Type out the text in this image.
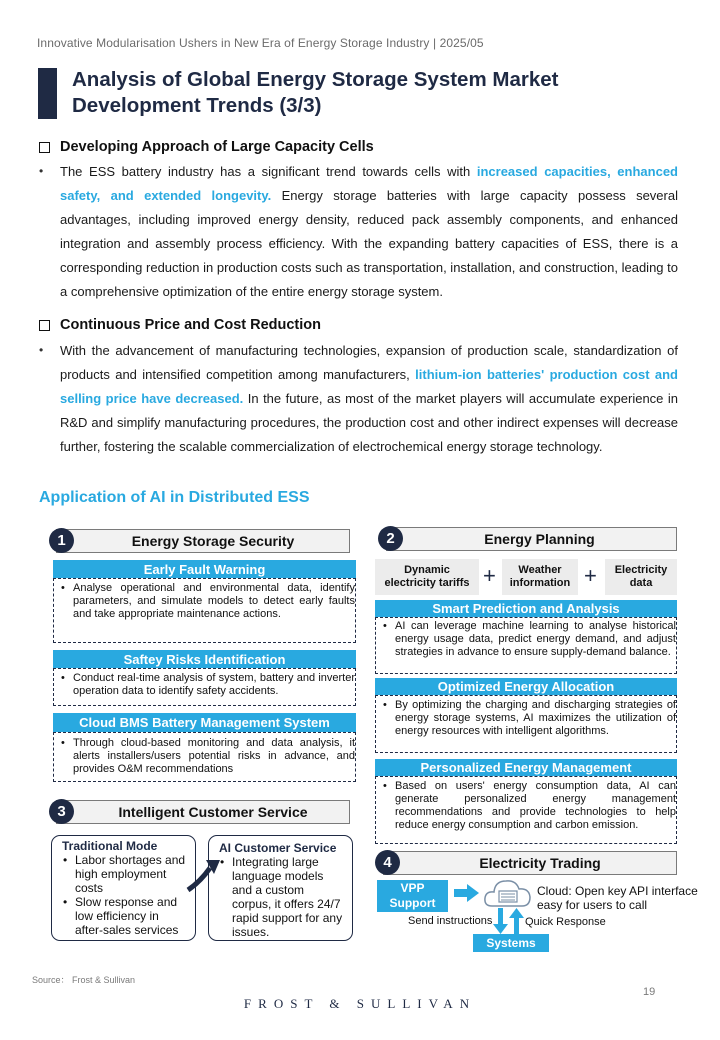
Innovative Modularisation Ushers in New Era of Energy Storage Industry | 2025/05
Analysis of Global Energy Storage System Market
Development Trends (3/3)
Developing Approach of Large Capacity Cells
• The ESS battery industry has a significant trend towards cells with increased capacities, enhanced safety, and extended longevity. Energy storage batteries with large capacity possess several advantages, including improved energy density, reduced pack assembly components, and enhanced integration and assembly process efficiency. With the expanding battery capacities of ESS, there is a corresponding reduction in production costs such as transportation, installation, and construction, leading to a comprehensive optimization of the entire energy storage system.
Continuous Price and Cost Reduction
• With the advancement of manufacturing technologies, expansion of production scale, standardization of products and intensified competition among manufacturers, lithium-ion batteries' production cost and selling price have decreased. In the future, as most of the market players will accumulate experience in R&D and simplify manufacturing procedures, the production cost and other indirect expenses will decrease further, fostering the scalable commercialization of electrochemical energy storage technology.
Application of AI in Distributed ESS
1	Energy Storage Security
Early Fault Warning
• Analyse operational and environmental data, identify parameters, and simulate models to detect early faults and take appropriate maintenance actions.
Saftey Risks Identification
• Conduct real-time analysis of system, battery and inverter operation data to identify safety accidents.
Cloud BMS Battery Management System
• Through cloud-based monitoring and data analysis, it alerts installers/users potential risks in advance, and provides O&M recommendations
3	Intelligent Customer Service
Traditional Mode
• Labor shortages and high employment costs
• Slow response and low efficiency in after-sales services
AI Customer Service
• Integrating large language models and a custom corpus, it offers 24/7 rapid support for any issues.
2	Energy Planning
Dynamic
electricity tariffs +	Weather
information + Electricity
data
Smart Prediction and Analysis
• AI can leverage machine learning to analyse historical energy usage data, predict energy demand, and adjust strategies in advance to ensure supply-demand balance.
Optimized Energy Allocation
• By optimizing the charging and discharging strategies of energy storage systems, AI maximizes the utilization of energy resources with intelligent algorithms.
Personalized Energy Management
• Based on users' energy consumption data, AI can generate personalized energy management recommendations and provide technologies to help reduce energy consumption and carbon emission.
4	Electricity Trading
VPP
Support
Cloud: Open key API interface
easy for users to call
Send instructions	Quick Response
Systems
Source： Frost & Sullivan
19
FROST & SULLIVAN
